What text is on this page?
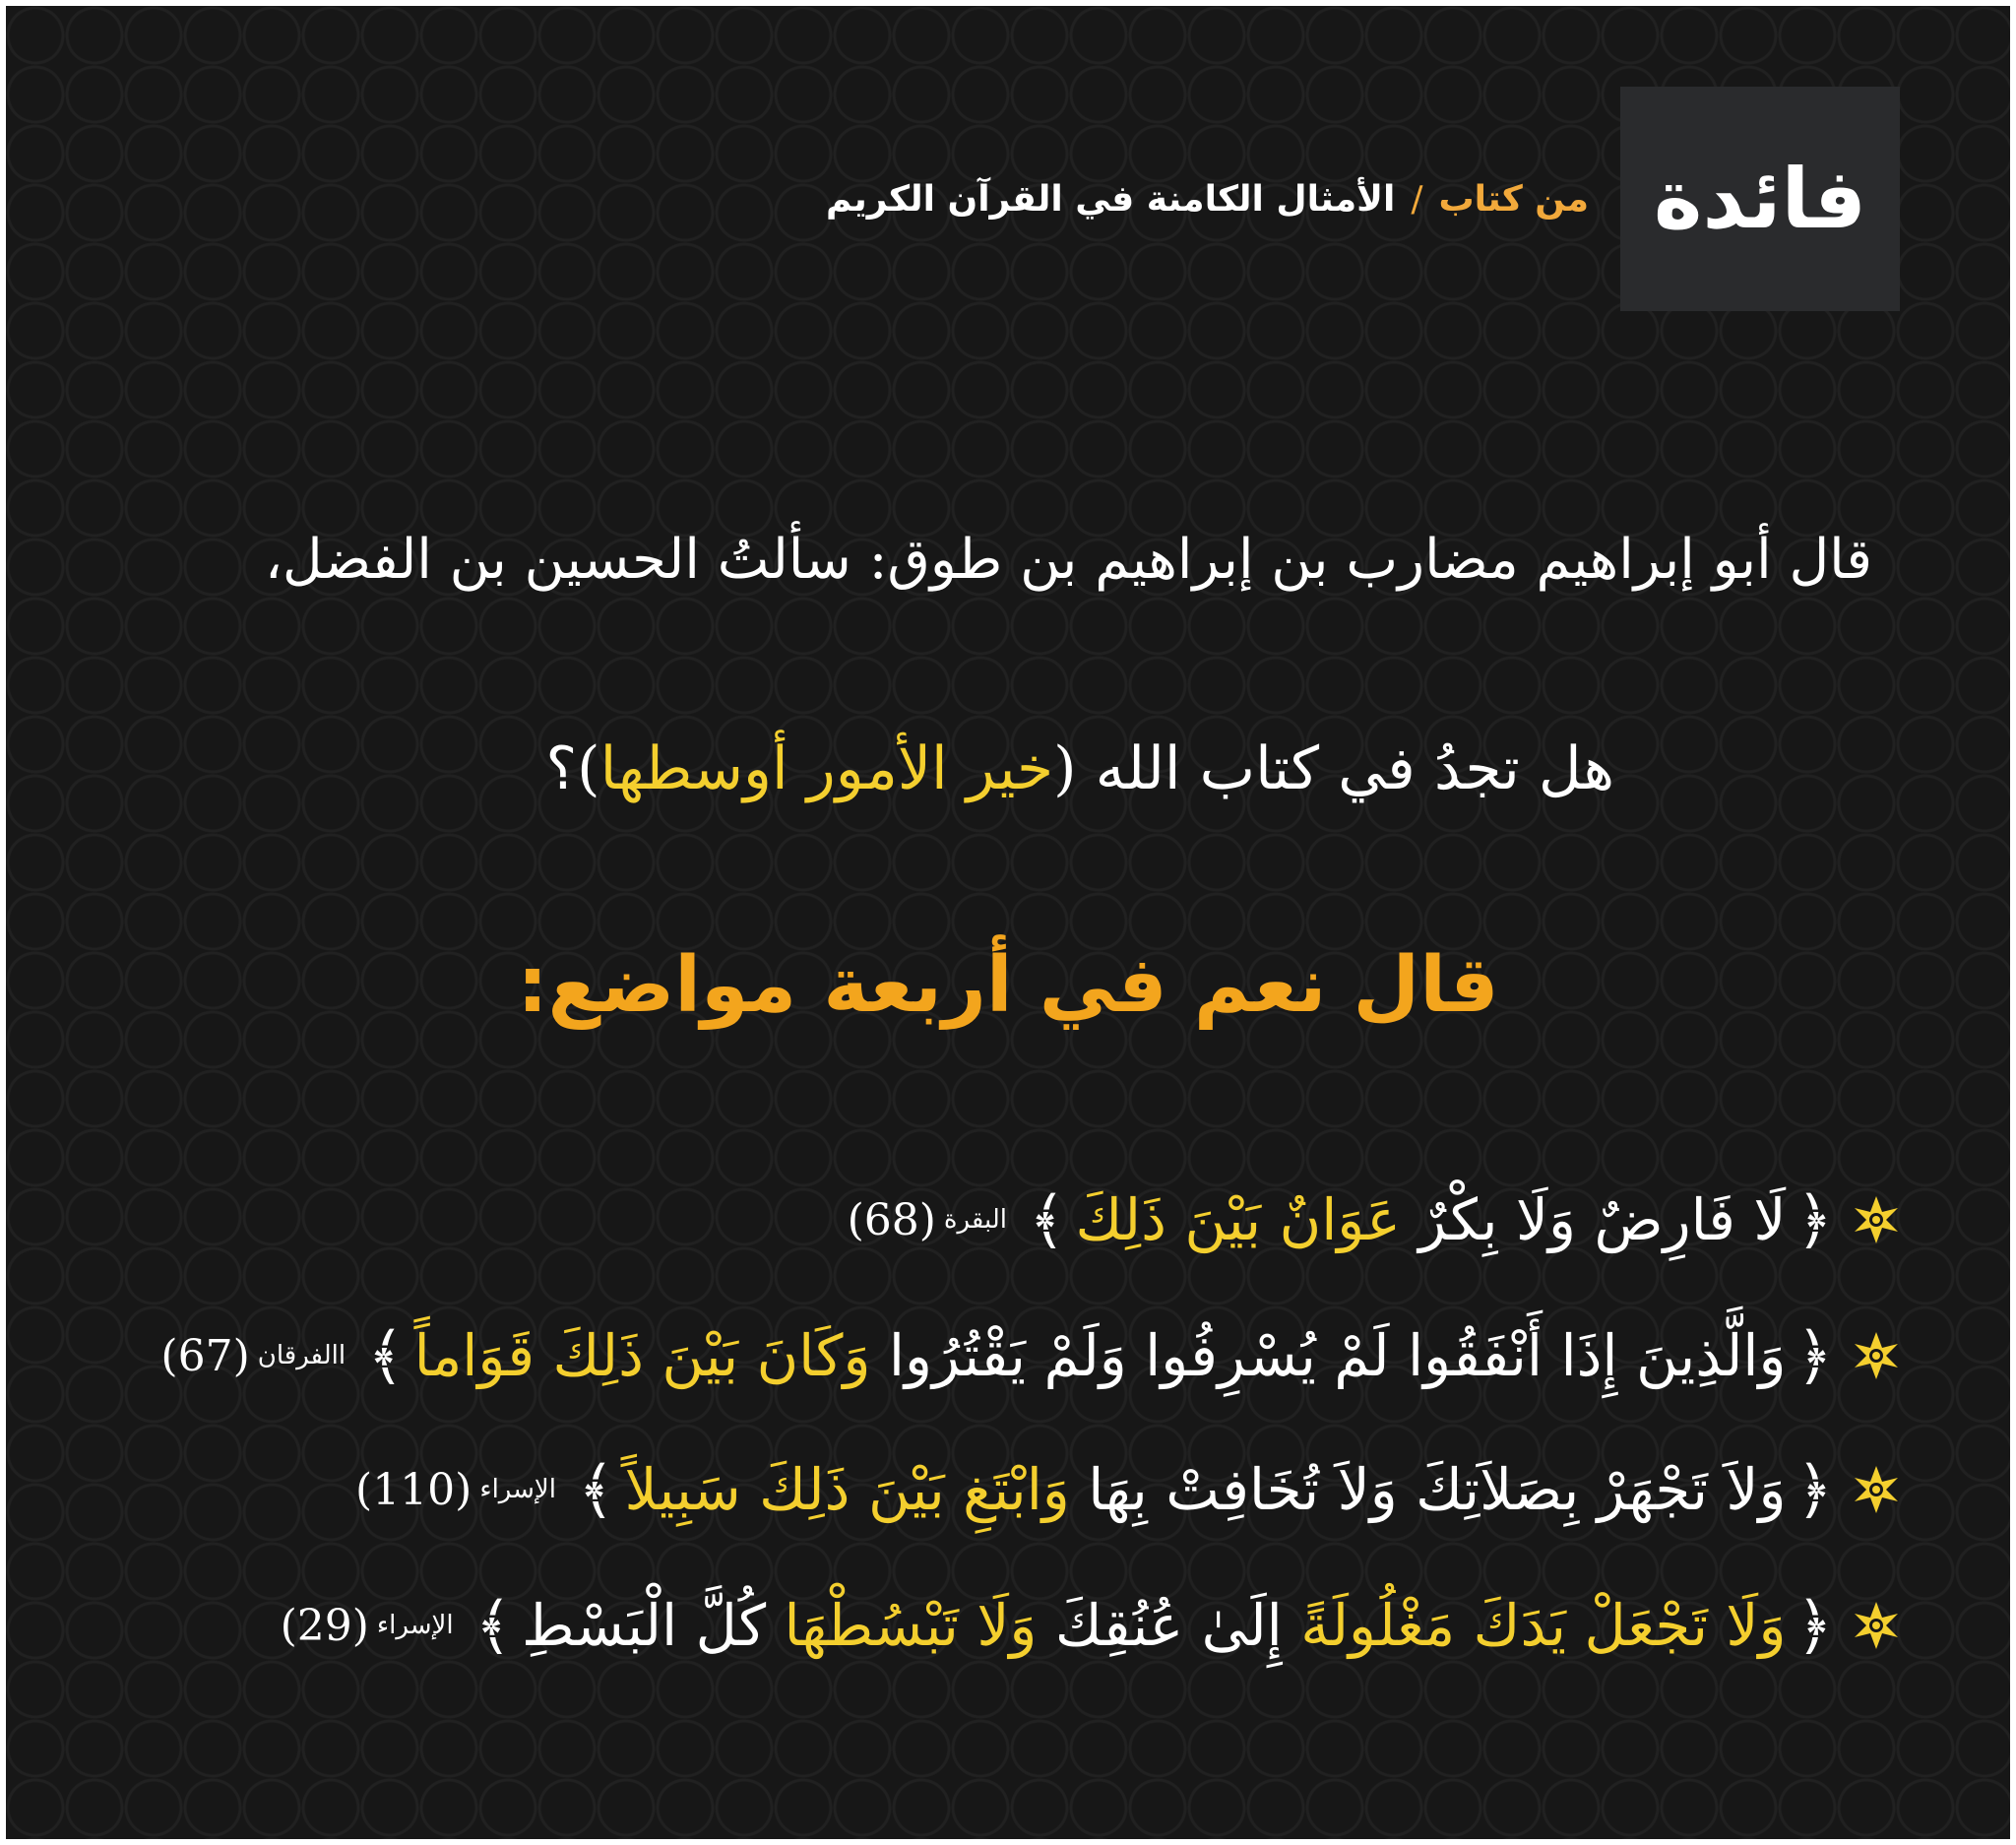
فائدة
من كتاب/الأمثال الكامنة في القرآن الكريم
قال أبو إبراهيم مضارب بن إبراهيم بن طوق: سألتُ الحسين بن الفضل،
هل تجدُ في كتاب الله (خير الأمور أوسطها)؟
قال نعم في أربعة مواضع:
﴿
لَا فَارِضٌ وَلَا بِكْرٌ عَوَانٌ بَيْنَ ذَلِكَ
﴾
البقرة
(68)
﴿
وَالَّذِينَ إِذَا أَنْفَقُوا لَمْ يُسْرِفُوا وَلَمْ يَقْتُرُوا وَكَانَ بَيْنَ ذَلِكَ قَوَاماً
﴾
االفرقان
(67)
﴿
وَلاَ تَجْهَرْ بِصَلاَتِكَ وَلاَ تُخَافِتْ بِهَا وَابْتَغِ بَيْنَ ذَلِكَ سَبِيلاً
﴾
الإسراء
(110)
﴿
وَلَا تَجْعَلْ يَدَكَ مَغْلُولَةً إِلَىٰ عُنُقِكَ وَلَا تَبْسُطْهَا كُلَّ الْبَسْطِ
﴾
الإسراء
(29)
